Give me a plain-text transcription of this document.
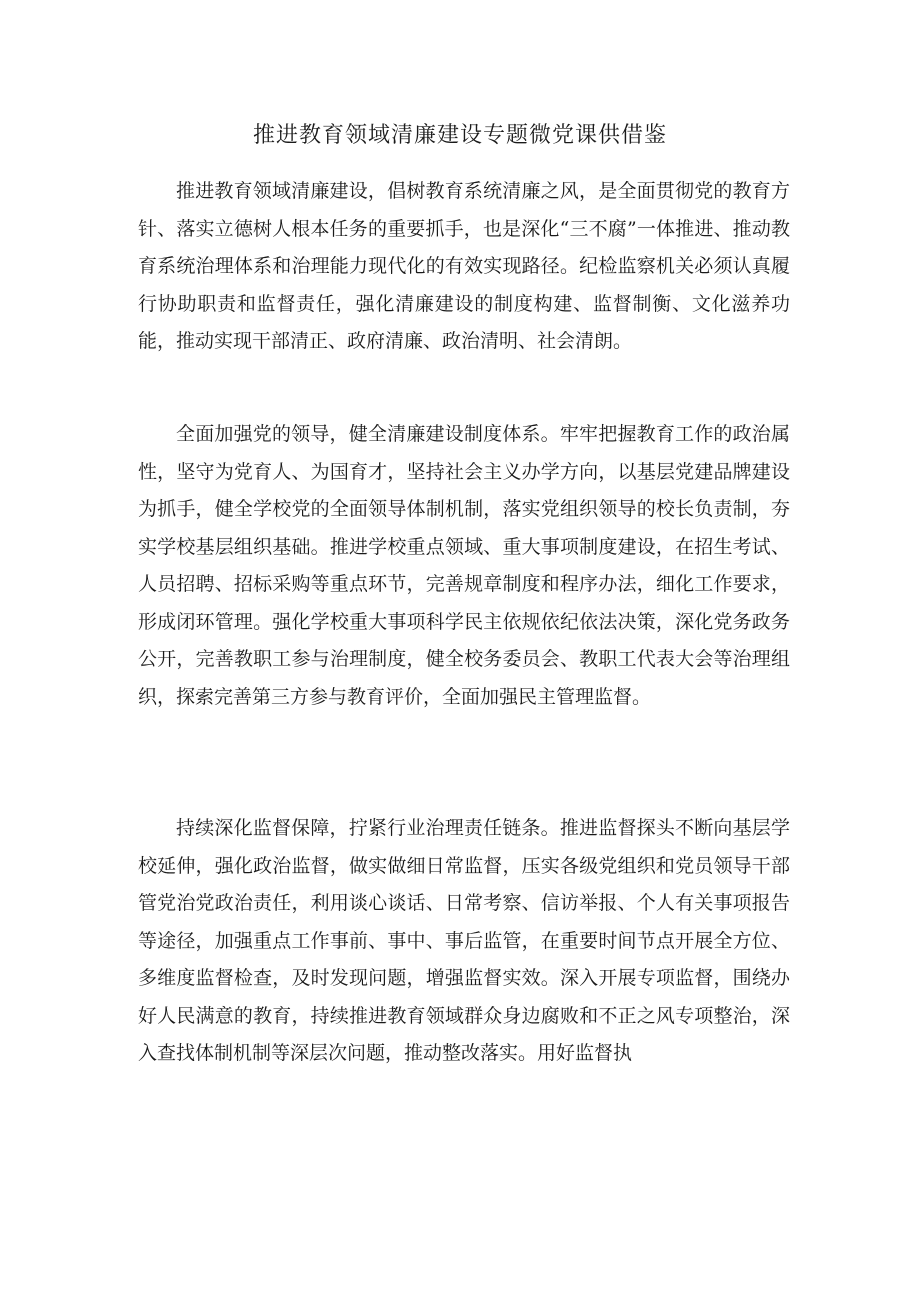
推进教育领域清廉建设专题微党课供借鉴

推进教育领域清廉建设，倡树教育系统清廉之风，是全面贯彻党的教育方针、落实立德树人根本任务的重要抓手，也是深化“三不腐”一体推进、推动教育系统治理体系和治理能力现代化的有效实现路径。纪检监察机关必须认真履行协助职责和监督责任，强化清廉建设的制度构建、监督制衡、文化滋养功能，推动实现干部清正、政府清廉、政治清明、社会清朗。

全面加强党的领导，健全清廉建设制度体系。牢牢把握教育工作的政治属性，坚守为党育人、为国育才，坚持社会主义办学方向，以基层党建品牌建设为抓手，健全学校党的全面领导体制机制，落实党组织领导的校长负责制，夯实学校基层组织基础。推进学校重点领域、重大事项制度建设，在招生考试、人员招聘、招标采购等重点环节，完善规章制度和程序办法，细化工作要求，形成闭环管理。强化学校重大事项科学民主依规依纪依法决策，深化党务政务公开，完善教职工参与治理制度，健全校务委员会、教职工代表大会等治理组织，探索完善第三方参与教育评价，全面加强民主管理监督。

持续深化监督保障，拧紧行业治理责任链条。推进监督探头不断向基层学校延伸，强化政治监督，做实做细日常监督，压实各级党组织和党员领导干部管党治党政治责任，利用谈心谈话、日常考察、信访举报、个人有关事项报告等途径，加强重点工作事前、事中、事后监管，在重要时间节点开展全方位、多维度监督检查，及时发现问题，增强监督实效。深入开展专项监督，围绕办好人民满意的教育，持续推进教育领域群众身边腐败和不正之风专项整治，深入查找体制机制等深层次问题，推动整改落实。用好监督执
